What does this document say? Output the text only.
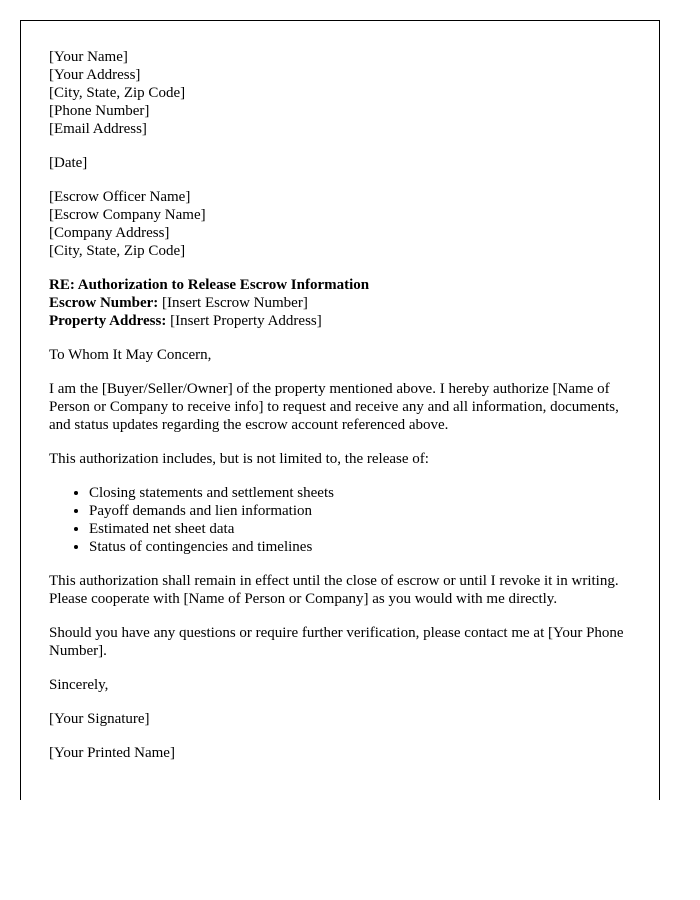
[Your Name]
[Your Address]
[City, State, Zip Code]
[Phone Number]
[Email Address]

[Date]

[Escrow Officer Name]
[Escrow Company Name]
[Company Address]
[City, State, Zip Code]
RE: Authorization to Release Escrow Information
Escrow Number: [Insert Escrow Number]
Property Address: [Insert Property Address]

To Whom It May Concern,

I am the [Buyer/Seller/Owner] of the property mentioned above. I hereby authorize [Name of Person or Company to receive info] to request and receive any and all information, documents, and status updates regarding the escrow account referenced above.

This authorization includes, but is not limited to, the release of:

• Closing statements and settlement sheets
• Payoff demands and lien information
• Estimated net sheet data
• Status of contingencies and timelines

This authorization shall remain in effect until the close of escrow or until I revoke it in writing. Please cooperate with [Name of Person or Company] as you would with me directly.

Should you have any questions or require further verification, please contact me at [Your Phone Number].

Sincerely,

[Your Signature]

[Your Printed Name]
